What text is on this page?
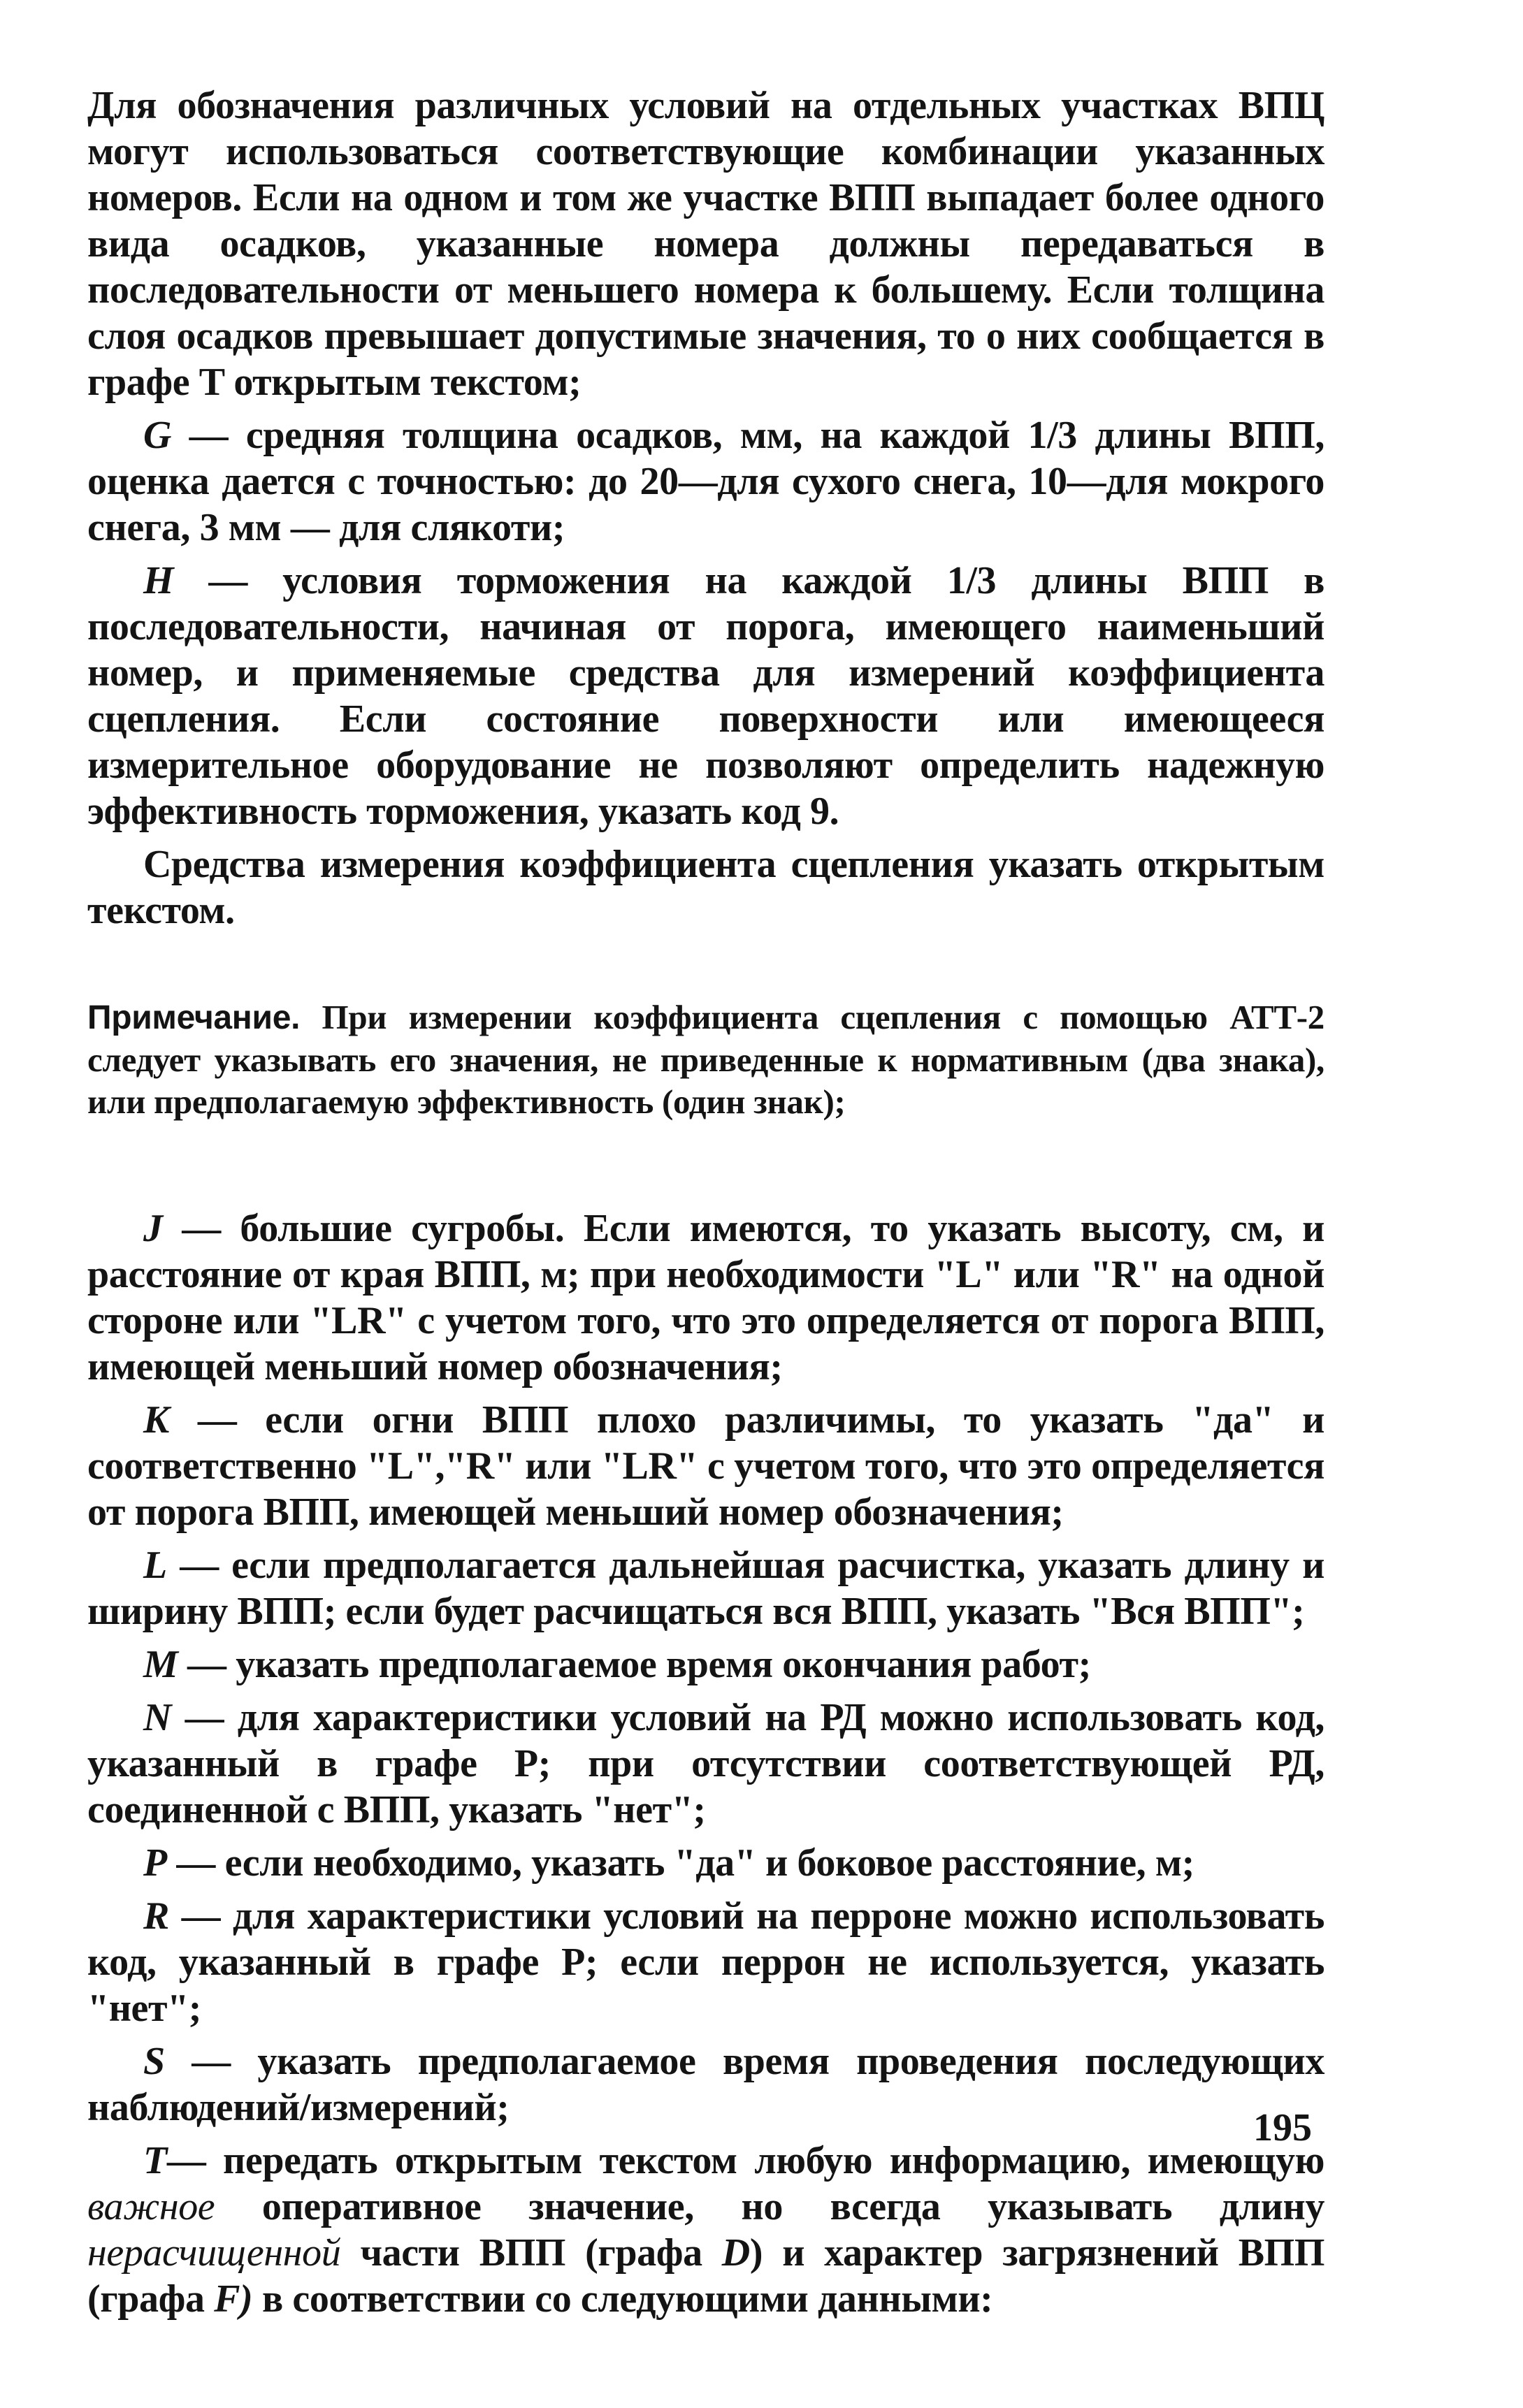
Для обозначения различных условий на отдельных участках ВПЦ могут использоваться соответствующие комбинации указанных номеров. Если на одном и том же участке ВПП выпадает более одного вида осадков, указанные номера должны передаваться в последовательности от меньшего номера к большему. Если толщина слоя осадков превышает допустимые значения, то о них сообщается в графе T открытым текстом;

G — средняя толщина осадков, мм, на каждой 1/3 длины ВПП, оценка дается с точностью: до 20—для сухого снега, 10—для мокрого снега, 3 мм — для слякоти;

H — условия торможения на каждой 1/3 длины ВПП в последовательности, начиная от порога, имеющего наименьший номер, и применяемые средства для измерений коэффициента сцепления. Если состояние поверхности или имеющееся измерительное оборудование не позволяют определить надежную эффективность торможения, указать код 9.

Средства измерения коэффициента сцепления указать открытым текстом.

Примечание. При измерении коэффициента сцепления с помощью АТТ-2 следует указывать его значения, не приведенные к нормативным (два знака), или предполагаемую эффективность (один знак);

J — большие сугробы. Если имеются, то указать высоту, см, и расстояние от края ВПП, м; при необходимости "L" или "R" на одной стороне или "LR" с учетом того, что это определяется от порога ВПП, имеющей меньший номер обозначения;

K — если огни ВПП плохо различимы, то указать "да" и соответственно "L","R" или "LR" с учетом того, что это определяется от порога ВПП, имеющей меньший номер обозначения;

L — если предполагается дальнейшая расчистка, указать длину и ширину ВПП; если будет расчищаться вся ВПП, указать "Вся ВПП";

M — указать предполагаемое время окончания работ;

N — для характеристики условий на РД можно использовать код, указанный в графе P; при отсутствии соответствующей РД, соединенной с ВПП, указать "нет";

P — если необходимо, указать "да" и боковое расстояние, м;

R — для характеристики условий на перроне можно использовать код, указанный в графе P; если перрон не используется, указать "нет";

S — указать предполагаемое время проведения последующих наблюдений/измерений;

T— передать открытым текстом любую информацию, имеющую важное оперативное значение, но всегда указывать длину нерасчищенной части ВПП (графа D) и характер загрязнений ВПП (графа F) в соответствии со следующими данными:

195
